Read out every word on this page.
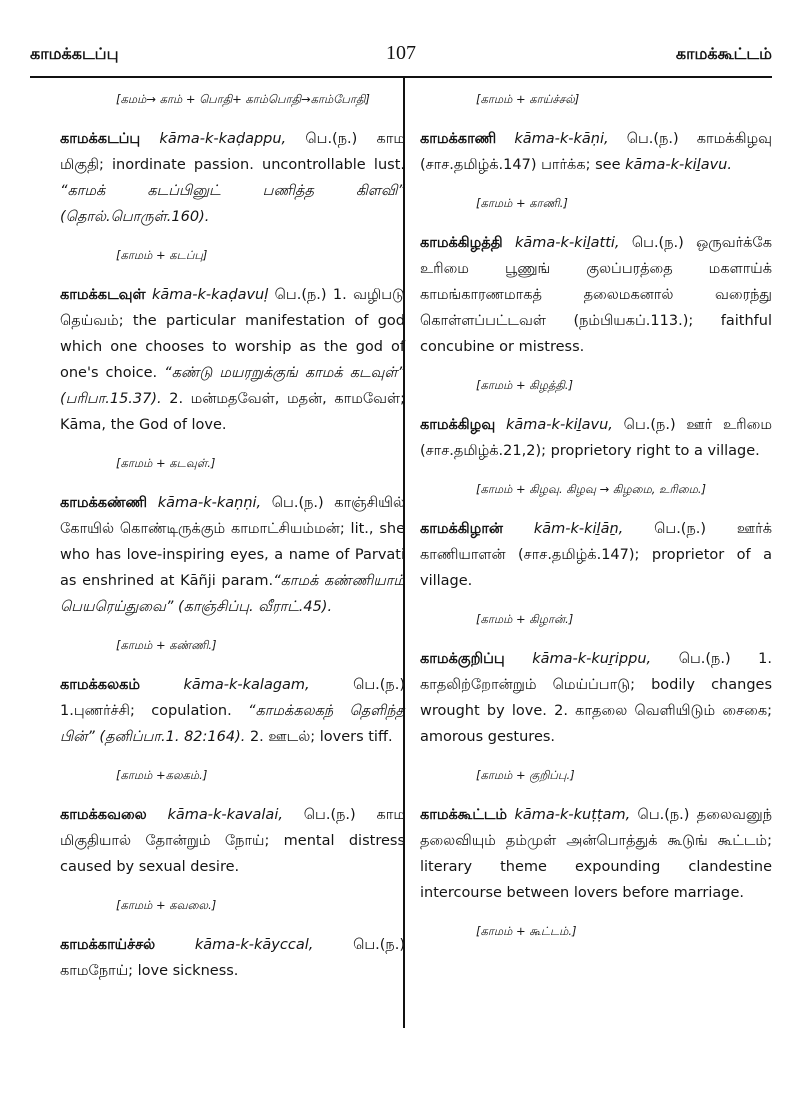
காமக்கடப்பு	107	காமக்கூட்டம்
[கமம்→ காம் + பொதி+ காம்பொதி→காம்போதி]

காமக்கடப்பு kāma-k-kaḍappu, பெ.(ந.) காம மிகுதி; inordinate passion. uncontrollable lust. “காமக் கடப்பினுட் பணித்த கிளவி” (தொல்.பொருள்.160).

[காமம் + கடப்பு]

காமக்கடவுள் kāma-k-kaḍavuḷ பெ.(ந.) 1. வழிபடு தெய்வம்; the particular manifestation of god which one chooses to worship as the god of one's choice. “கண்டு மயரறுக்குங் காமக் கடவுள்” (பரிபா.15.37). 2. மன்மதவேள், மதன், காமவேள்; Kāma, the God of love.

[காமம் + கடவுள்.]

காமக்கண்ணி kāma-k-kaṇṇi, பெ.(ந.) காஞ்சியில் கோயில் கொண்டிருக்கும் காமாட்சியம்மன்; lit., she who has love-inspiring eyes, a name of Parvati as enshrined at Kāñji param.“காமக் கண்ணியாம் பெயரெய்துவை” (காஞ்சிப்பு. வீராட்.45).

[காமம் + கண்ணி.]

காமக்கலகம்	kāma-k-kalagam, பெ.(ந.) 1.புணர்ச்சி; copulation. “காமக்கலகந் தெளிந்த பின்” (தனிப்பா.1. 82:164). 2. ஊடல்; lovers tiff.

[காமம் +கலகம்.]

காமக்கவலை kāma-k-kavalai, பெ.(ந.) காம மிகுதியால் தோன்றும் நோய்; mental distress caused by sexual desire.

[காமம் + கவலை.]

காமக்காய்ச்சல்	kāma-k-kāyccal, பெ.(ந.) காமநோய்; love sickness.

[காமம் + காய்ச்சல்]

காமக்காணி kāma-k-kāṇi, பெ.(ந.) காமக்கிழவு (சாச.தமிழ்க்.147) பார்க்க; see kāma-k-kiḻavu.

[காமம் + காணி.]

காமக்கிழத்தி kāma-k-kiḻatti, பெ.(ந.) ஒருவர்க்கே உரிமை பூணுங் குலப்பரத்தை மகளாய்க் காமங்காரணமாகத் தலைமகனால் வரைந்து கொள்ளப்பட்டவள் (நம்பியகப்.113.); faithful concubine or mistress.

[காமம் + கிழத்தி.]

காமக்கிழவு kāma-k-kiḻavu, பெ.(ந.) ஊர் உரிமை (சாச.தமிழ்க்.21,2); proprietory right to a village.

[காமம் + கிழவு. கிழவு → கிழமை, உரிமை.]

காமக்கிழான் kām-k-kiḻāṉ, பெ.(ந.) ஊர்க் காணியாளன் (சாச.தமிழ்க்.147); proprietor of a village.

[காமம் + கிழான்.]

காமக்குறிப்பு kāma-k-kuṟippu, பெ.(ந.) 1. காதலிற்றோன்றும் மெய்ப்பாடு; bodily changes wrought by love. 2. காதலை வெளியிடும் சைகை; amorous gestures.

[காமம் + குறிப்பு.]

காமக்கூட்டம் kāma-k-kuṭṭam, பெ.(ந.) தலைவனுந் தலைவியும் தம்முள் அன்பொத்துக் கூடுங் கூட்டம்; literary theme expounding clandestine intercourse between lovers before marriage.

[காமம் + கூட்டம்.]
